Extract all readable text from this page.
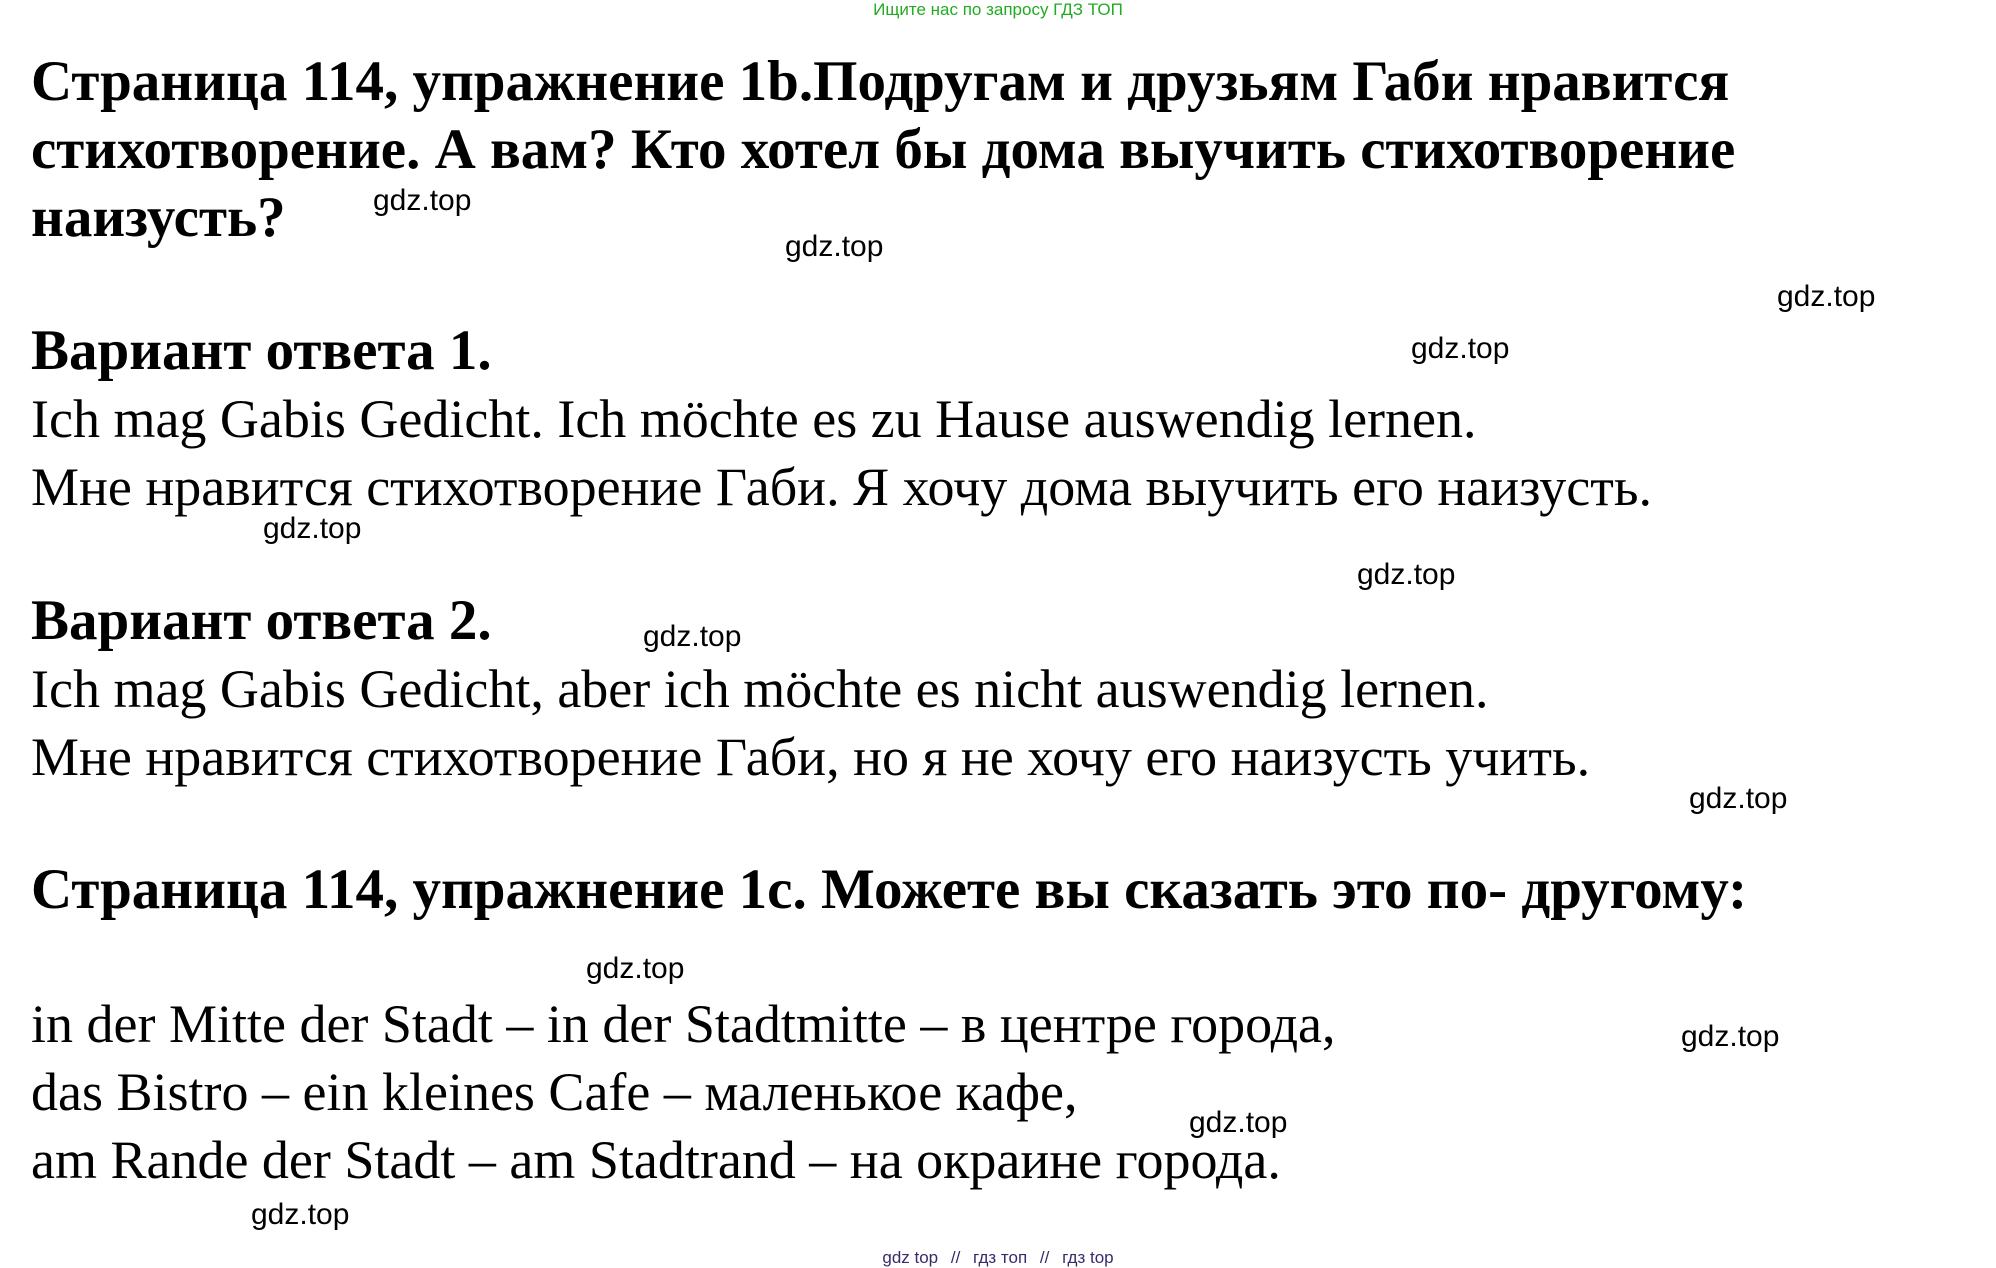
Ищите нас по запросу ГДЗ ТОП
Страница 114, упражнение 1b.Подругам и друзьям Габи нравится
стихотворение. А вам? Кто хотел бы дома выучить стихотворение
наизусть?
Вариант ответа 1.
Ich mag Gabis Gedicht. Ich möchte es zu Hause auswendig lernen.
Мне нравится стихотворение Габи. Я хочу дома выучить его наизусть.
Вариант ответа 2.
Ich mag Gabis Gedicht, aber ich möchte es nicht auswendig lernen.
Мне нравится стихотворение Габи, но я не хочу его наизусть учить.
Страница 114, упражнение 1c. Можете вы сказать это по- другому:
in der Mitte der Stadt – in der Stadtmitte – в центре города,
das Bistro – ein kleines Cafe – маленькое кафе,
am Rande der Stadt – am Stadtrand – на окраине города.
gdz.top
gdz.top
gdz.top
gdz.top
gdz.top
gdz.top
gdz.top
gdz.top
gdz.top
gdz.top
gdz.top
gdz.top
gdz top // гдз топ // гдз top
